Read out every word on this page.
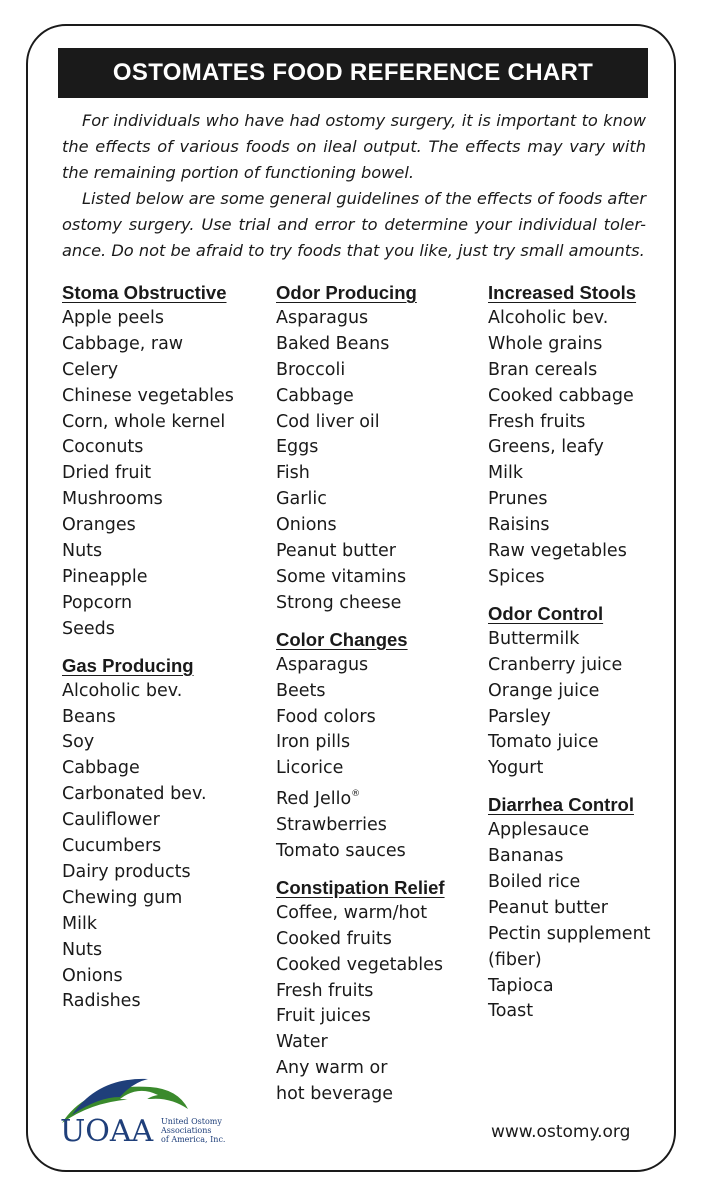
OSTOMATES FOOD REFERENCE CHART

For individuals who have had ostomy surgery, it is important to know the effects of various foods on ileal output. The effects may vary with the remaining portion of functioning bowel.

Listed below are some general guidelines of the effects of foods after ostomy surgery. Use trial and error to determine your individual toler-ance. Do not be afraid to try foods that you like, just try small amounts.

Stoma Obstructive
Apple peels
Cabbage, raw
Celery
Chinese vegetables
Corn, whole kernel
Coconuts
Dried fruit
Mushrooms
Oranges
Nuts
Pineapple
Popcorn
Seeds
Gas Producing
Alcoholic bev.
Beans
Soy
Cabbage
Carbonated bev.
Cauliflower
Cucumbers
Dairy products
Chewing gum
Milk
Nuts
Onions
Radishes
Odor Producing
Asparagus
Baked Beans
Broccoli
Cabbage
Cod liver oil
Eggs
Fish
Garlic
Onions
Peanut butter
Some vitamins
Strong cheese
Color Changes
Asparagus
Beets
Food colors
Iron pills
Licorice
Red Jello®
Strawberries
Tomato sauces
Constipation Relief
Coffee, warm/hot
Cooked fruits
Cooked vegetables
Fresh fruits
Fruit juices
Water
Any warm or
hot beverage
Increased Stools
Alcoholic bev.
Whole grains
Bran cereals
Cooked cabbage
Fresh fruits
Greens, leafy
Milk
Prunes
Raisins
Raw vegetables
Spices
Odor Control
Buttermilk
Cranberry juice
Orange juice
Parsley
Tomato juice
Yogurt
Diarrhea Control
Applesauce
Bananas
Boiled rice
Peanut butter
Pectin supplement
(fiber)
Tapioca
Toast
UOAA United Ostomy
Associations
of America, Inc.	www.ostomy.org
